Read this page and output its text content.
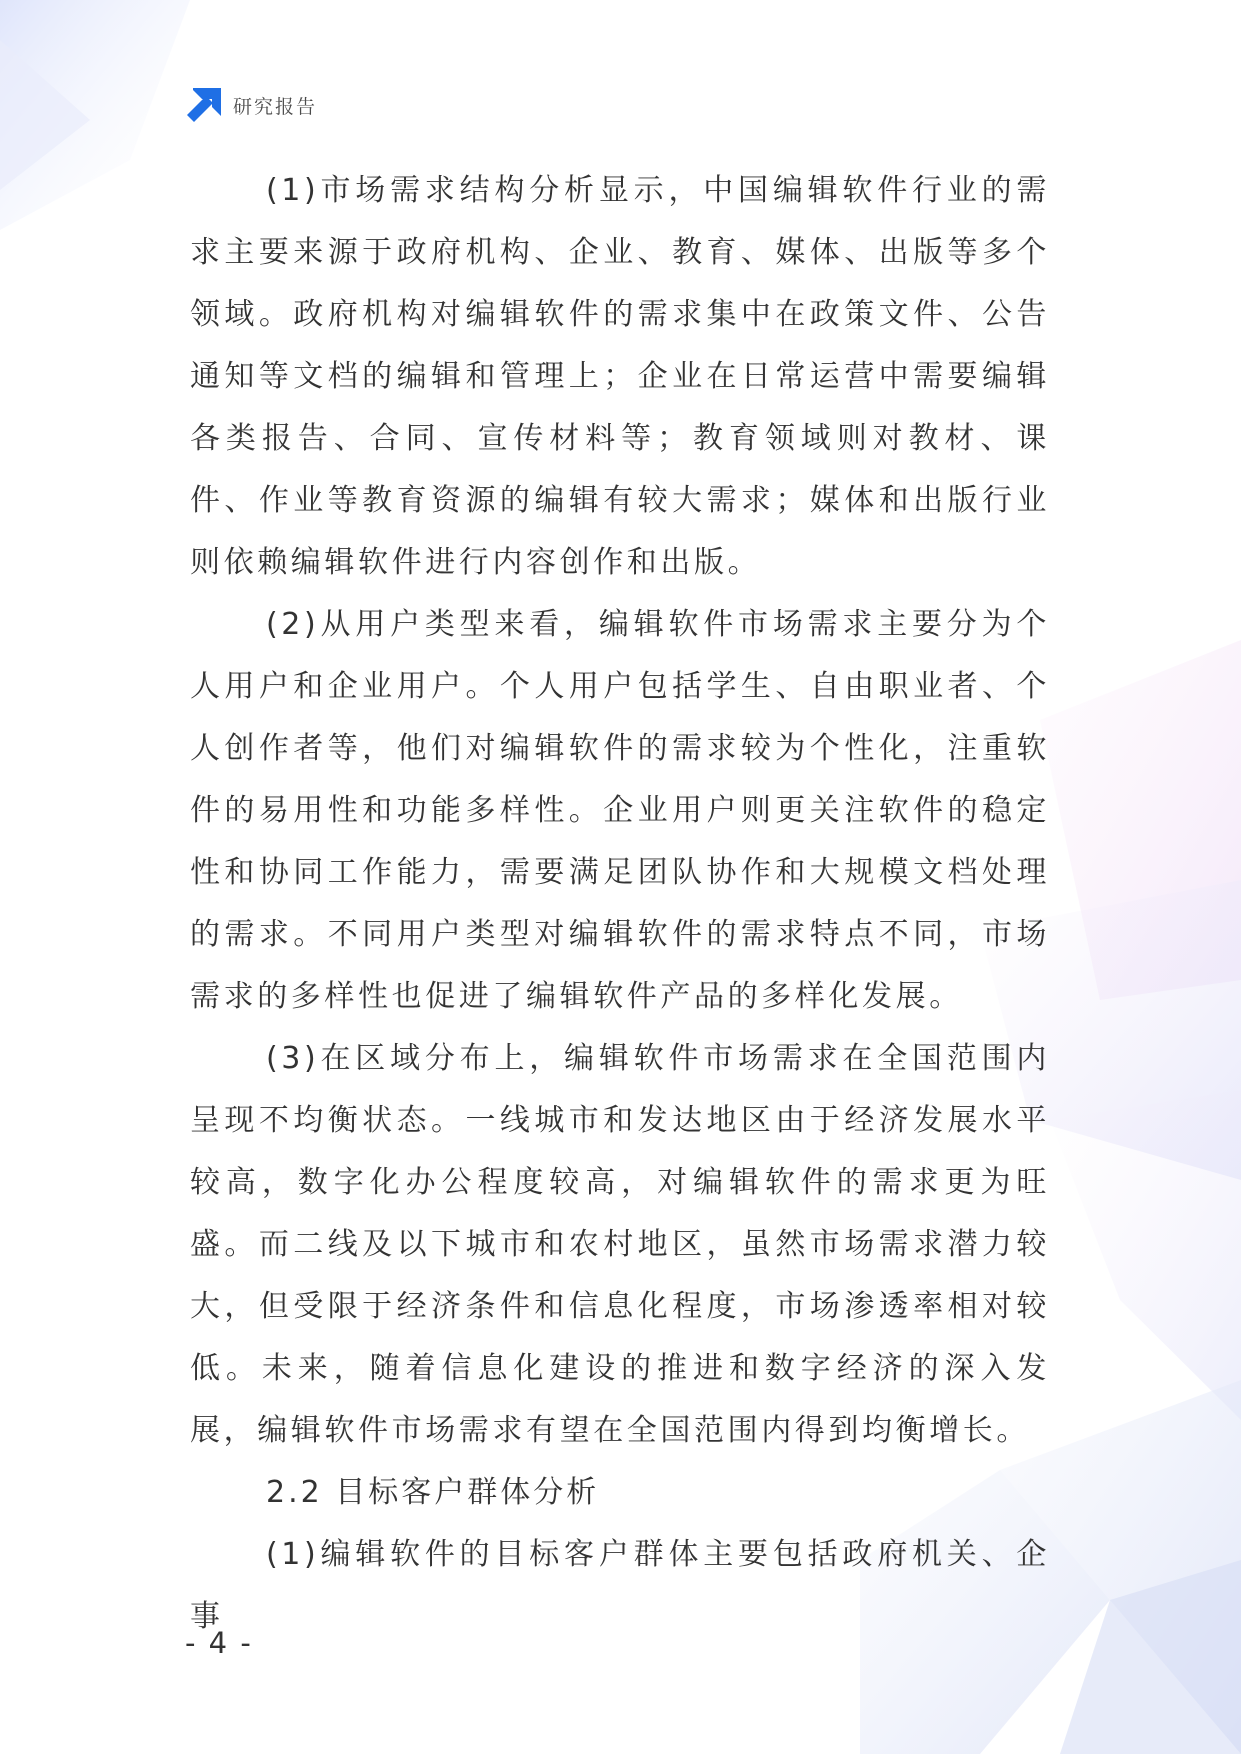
研究报告

(1)市场需求结构分析显示，中国编辑软件行业的需求主要来源于政府机构、企业、教育、媒体、出版等多个领域。政府机构对编辑软件的需求集中在政策文件、公告通知等文档的编辑和管理上；企业在日常运营中需要编辑各类报告、合同、宣传材料等；教育领域则对教材、课件、作业等教育资源的编辑有较大需求；媒体和出版行业则依赖编辑软件进行内容创作和出版。

(2)从用户类型来看，编辑软件市场需求主要分为个人用户和企业用户。个人用户包括学生、自由职业者、个人创作者等，他们对编辑软件的需求较为个性化，注重软件的易用性和功能多样性。企业用户则更关注软件的稳定性和协同工作能力，需要满足团队协作和大规模文档处理的需求。不同用户类型对编辑软件的需求特点不同，市场需求的多样性也促进了编辑软件产品的多样化发展。

(3)在区域分布上，编辑软件市场需求在全国范围内呈现不均衡状态。一线城市和发达地区由于经济发展水平较高，数字化办公程度较高，对编辑软件的需求更为旺盛。而二线及以下城市和农村地区，虽然市场需求潜力较大，但受限于经济条件和信息化程度，市场渗透率相对较低。未来，随着信息化建设的推进和数字经济的深入发展，编辑软件市场需求有望在全国范围内得到均衡增长。

2.2 目标客户群体分析

(1)编辑软件的目标客户群体主要包括政府机关、企事

- 4 -
